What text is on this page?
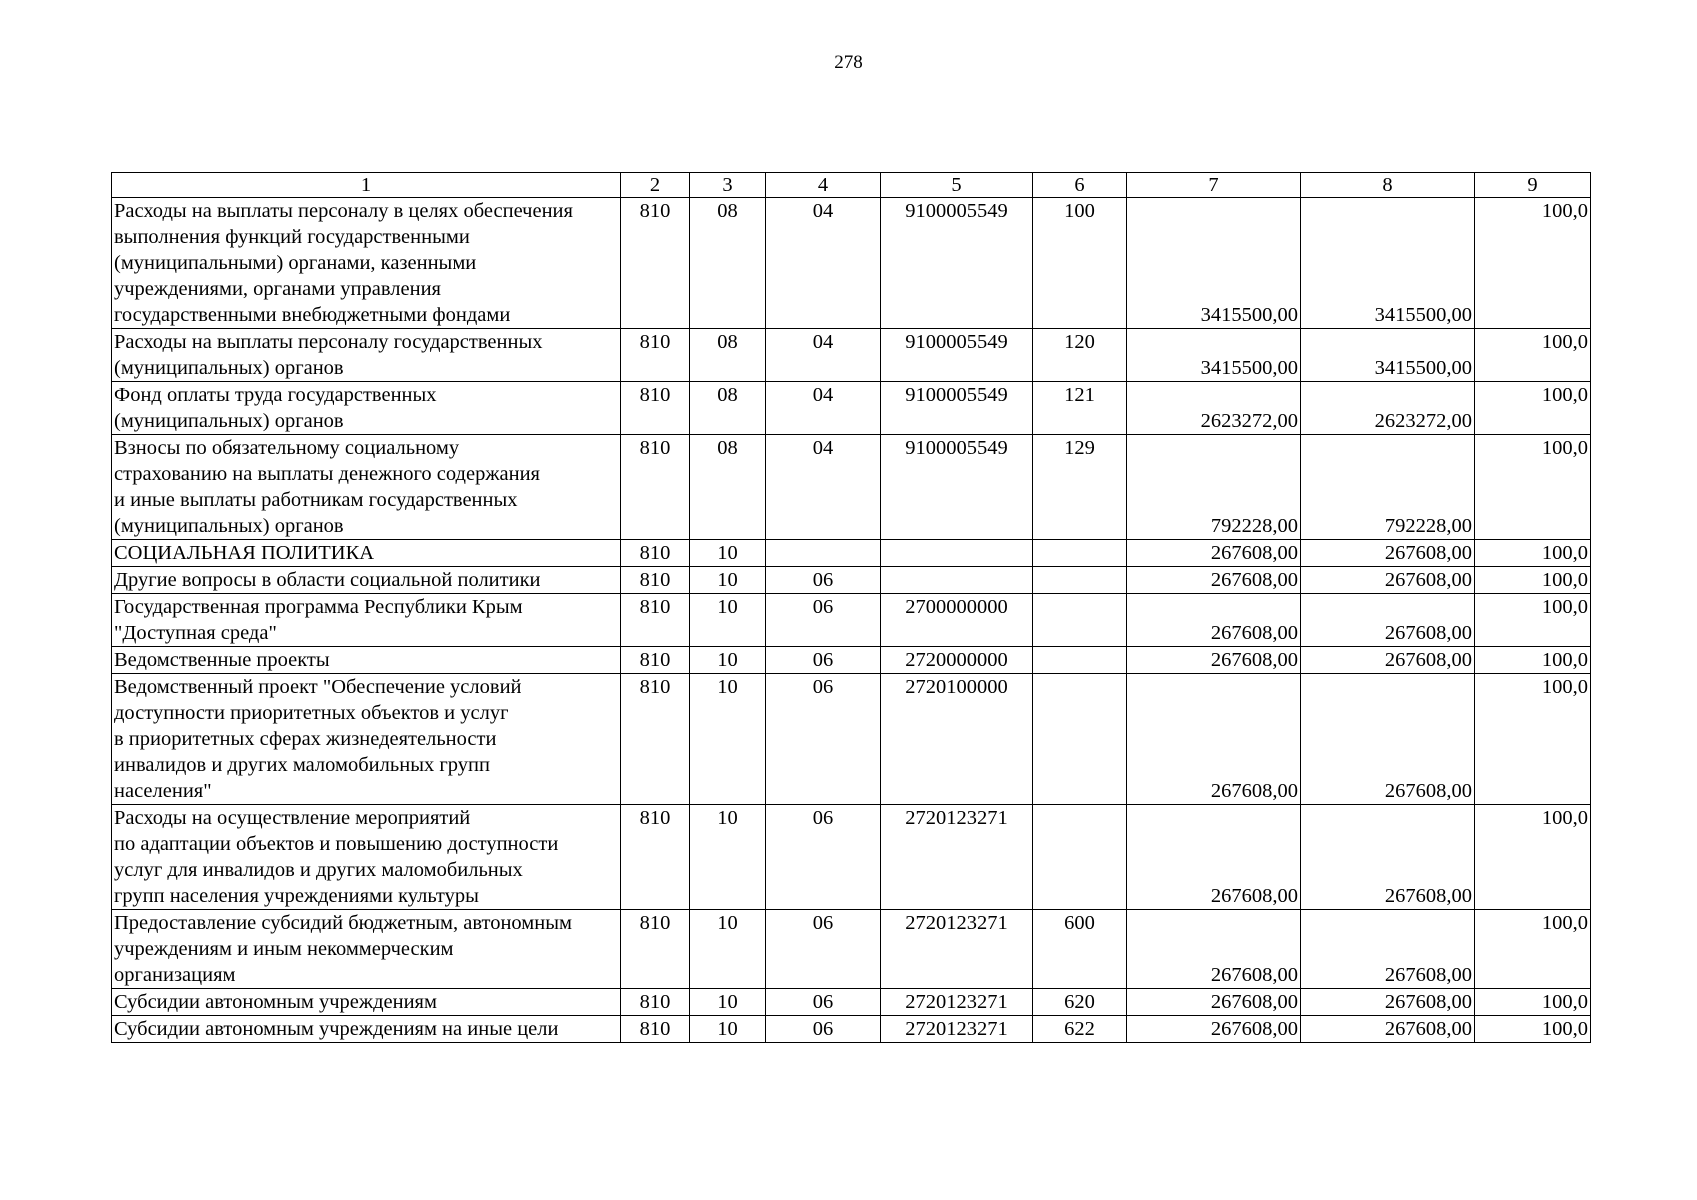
278
1	2	3	4	5	6	7	8	9
Расходы на выплаты персоналу в целях обеспечения
выполнения функций государственными
(муниципальными) органами, казенными
учреждениями, органами управления
государственными внебюджетными фондами	810	08	04	9100005549	100	3415500,00	3415500,00	100,0
Расходы на выплаты персоналу государственных
(муниципальных) органов	810	08	04	9100005549	120	3415500,00	3415500,00	100,0
Фонд оплаты труда государственных
(муниципальных) органов	810	08	04	9100005549	121	2623272,00	2623272,00	100,0
Взносы по обязательному социальному
страхованию на выплаты денежного содержания
и иные выплаты работникам государственных
(муниципальных) органов	810	08	04	9100005549	129	792228,00	792228,00	100,0
СОЦИАЛЬНАЯ ПОЛИТИКА	810	10				267608,00	267608,00	100,0
Другие вопросы в области социальной политики	810	10	06			267608,00	267608,00	100,0
Государственная программа Республики Крым
"Доступная среда"	810	10	06	2700000000		267608,00	267608,00	100,0
Ведомственные проекты	810	10	06	2720000000		267608,00	267608,00	100,0
Ведомственный проект "Обеспечение условий
доступности приоритетных объектов и услуг
в приоритетных сферах жизнедеятельности
инвалидов и других маломобильных групп
населения"	810	10	06	2720100000		267608,00	267608,00	100,0
Расходы на осуществление мероприятий
по адаптации объектов и повышению доступности
услуг для инвалидов и других маломобильных
групп населения учреждениями культуры	810	10	06	2720123271		267608,00	267608,00	100,0
Предоставление субсидий бюджетным, автономным
учреждениям и иным некоммерческим
организациям	810	10	06	2720123271	600	267608,00	267608,00	100,0
Субсидии автономным учреждениям	810	10	06	2720123271	620	267608,00	267608,00	100,0
Субсидии автономным учреждениям на иные цели	810	10	06	2720123271	622	267608,00	267608,00	100,0
